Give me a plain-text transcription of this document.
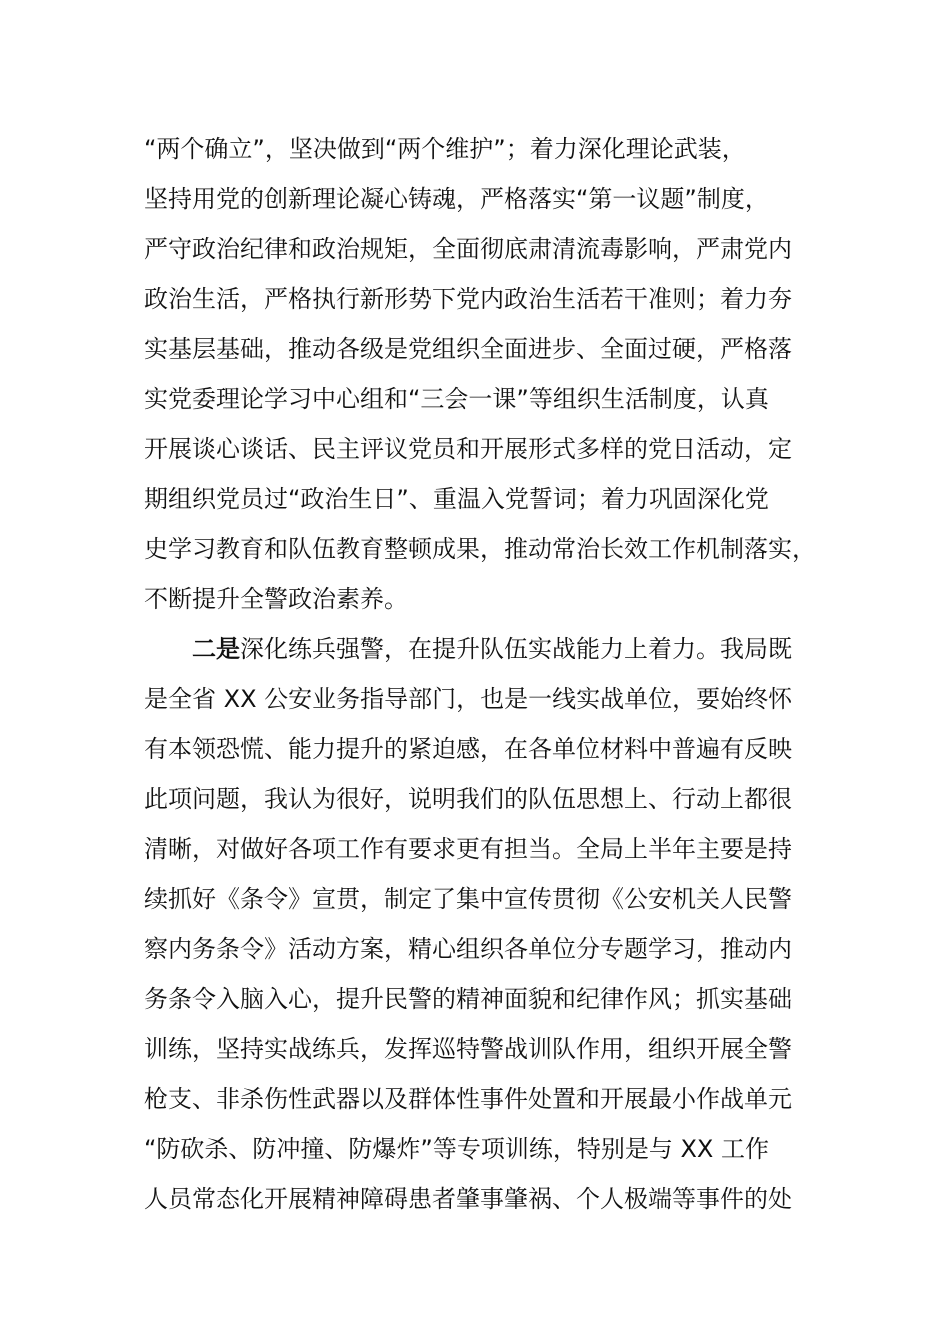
“两个确立”，坚决做到“两个维护”；着力深化理论武装，
坚持用党的创新理论凝心铸魂，严格落实“第一议题”制度，
严守政治纪律和政治规矩，全面彻底肃清流毒影响，严肃党内
政治生活，严格执行新形势下党内政治生活若干准则；着力夯
实基层基础，推动各级是党组织全面进步、全面过硬，严格落
实党委理论学习中心组和“三会一课”等组织生活制度，认真
开展谈心谈话、民主评议党员和开展形式多样的党日活动，定
期组织党员过“政治生日”、重温入党誓词；着力巩固深化党
史学习教育和队伍教育整顿成果，推动常治长效工作机制落实，
不断提升全警政治素养。
二是深化练兵强警，在提升队伍实战能力上着力。我局既
是全省 XX 公安业务指导部门，也是一线实战单位，要始终怀
有本领恐慌、能力提升的紧迫感，在各单位材料中普遍有反映
此项问题，我认为很好，说明我们的队伍思想上、行动上都很
清晰，对做好各项工作有要求更有担当。全局上半年主要是持
续抓好《条令》宣贯，制定了集中宣传贯彻《公安机关人民警
察内务条令》活动方案，精心组织各单位分专题学习，推动内
务条令入脑入心，提升民警的精神面貌和纪律作风；抓实基础
训练，坚持实战练兵，发挥巡特警战训队作用，组织开展全警
枪支、非杀伤性武器以及群体性事件处置和开展最小作战单元
“防砍杀、防冲撞、防爆炸”等专项训练，特别是与 XX 工作
人员常态化开展精神障碍患者肇事肇祸、个人极端等事件的处
